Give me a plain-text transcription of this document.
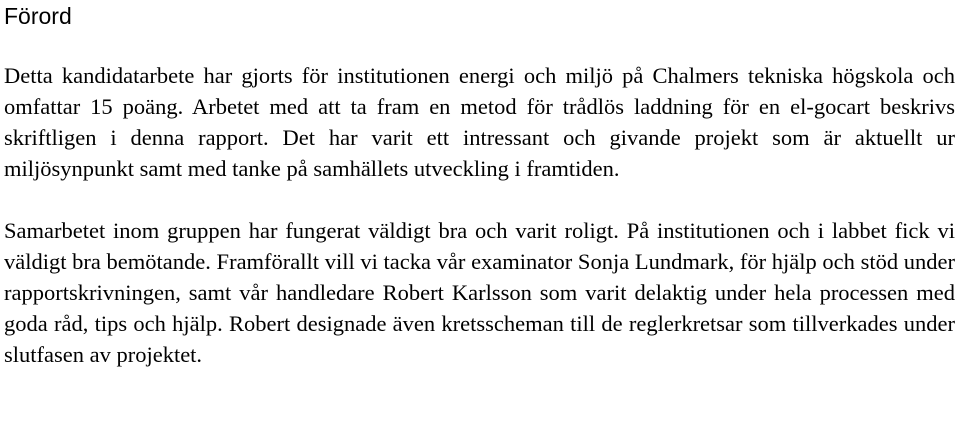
Förord

Detta kandidatarbete har gjorts för institutionen energi och miljö på Chalmers tekniska högskola och omfattar 15 poäng. Arbetet med att ta fram en metod för trådlös laddning för en el-gocart beskrivs skriftligen i denna rapport. Det har varit ett intressant och givande projekt som är aktuellt ur miljösynpunkt samt med tanke på samhällets utveckling i framtiden.

Samarbetet inom gruppen har fungerat väldigt bra och varit roligt. På institutionen och i labbet fick vi väldigt bra bemötande. Framförallt vill vi tacka vår examinator Sonja Lundmark, för hjälp och stöd under rapportskrivningen, samt vår handledare Robert Karlsson som varit delaktig under hela processen med goda råd, tips och hjälp. Robert designade även kretsscheman till de reglerkretsar som tillverkades under slutfasen av projektet.
